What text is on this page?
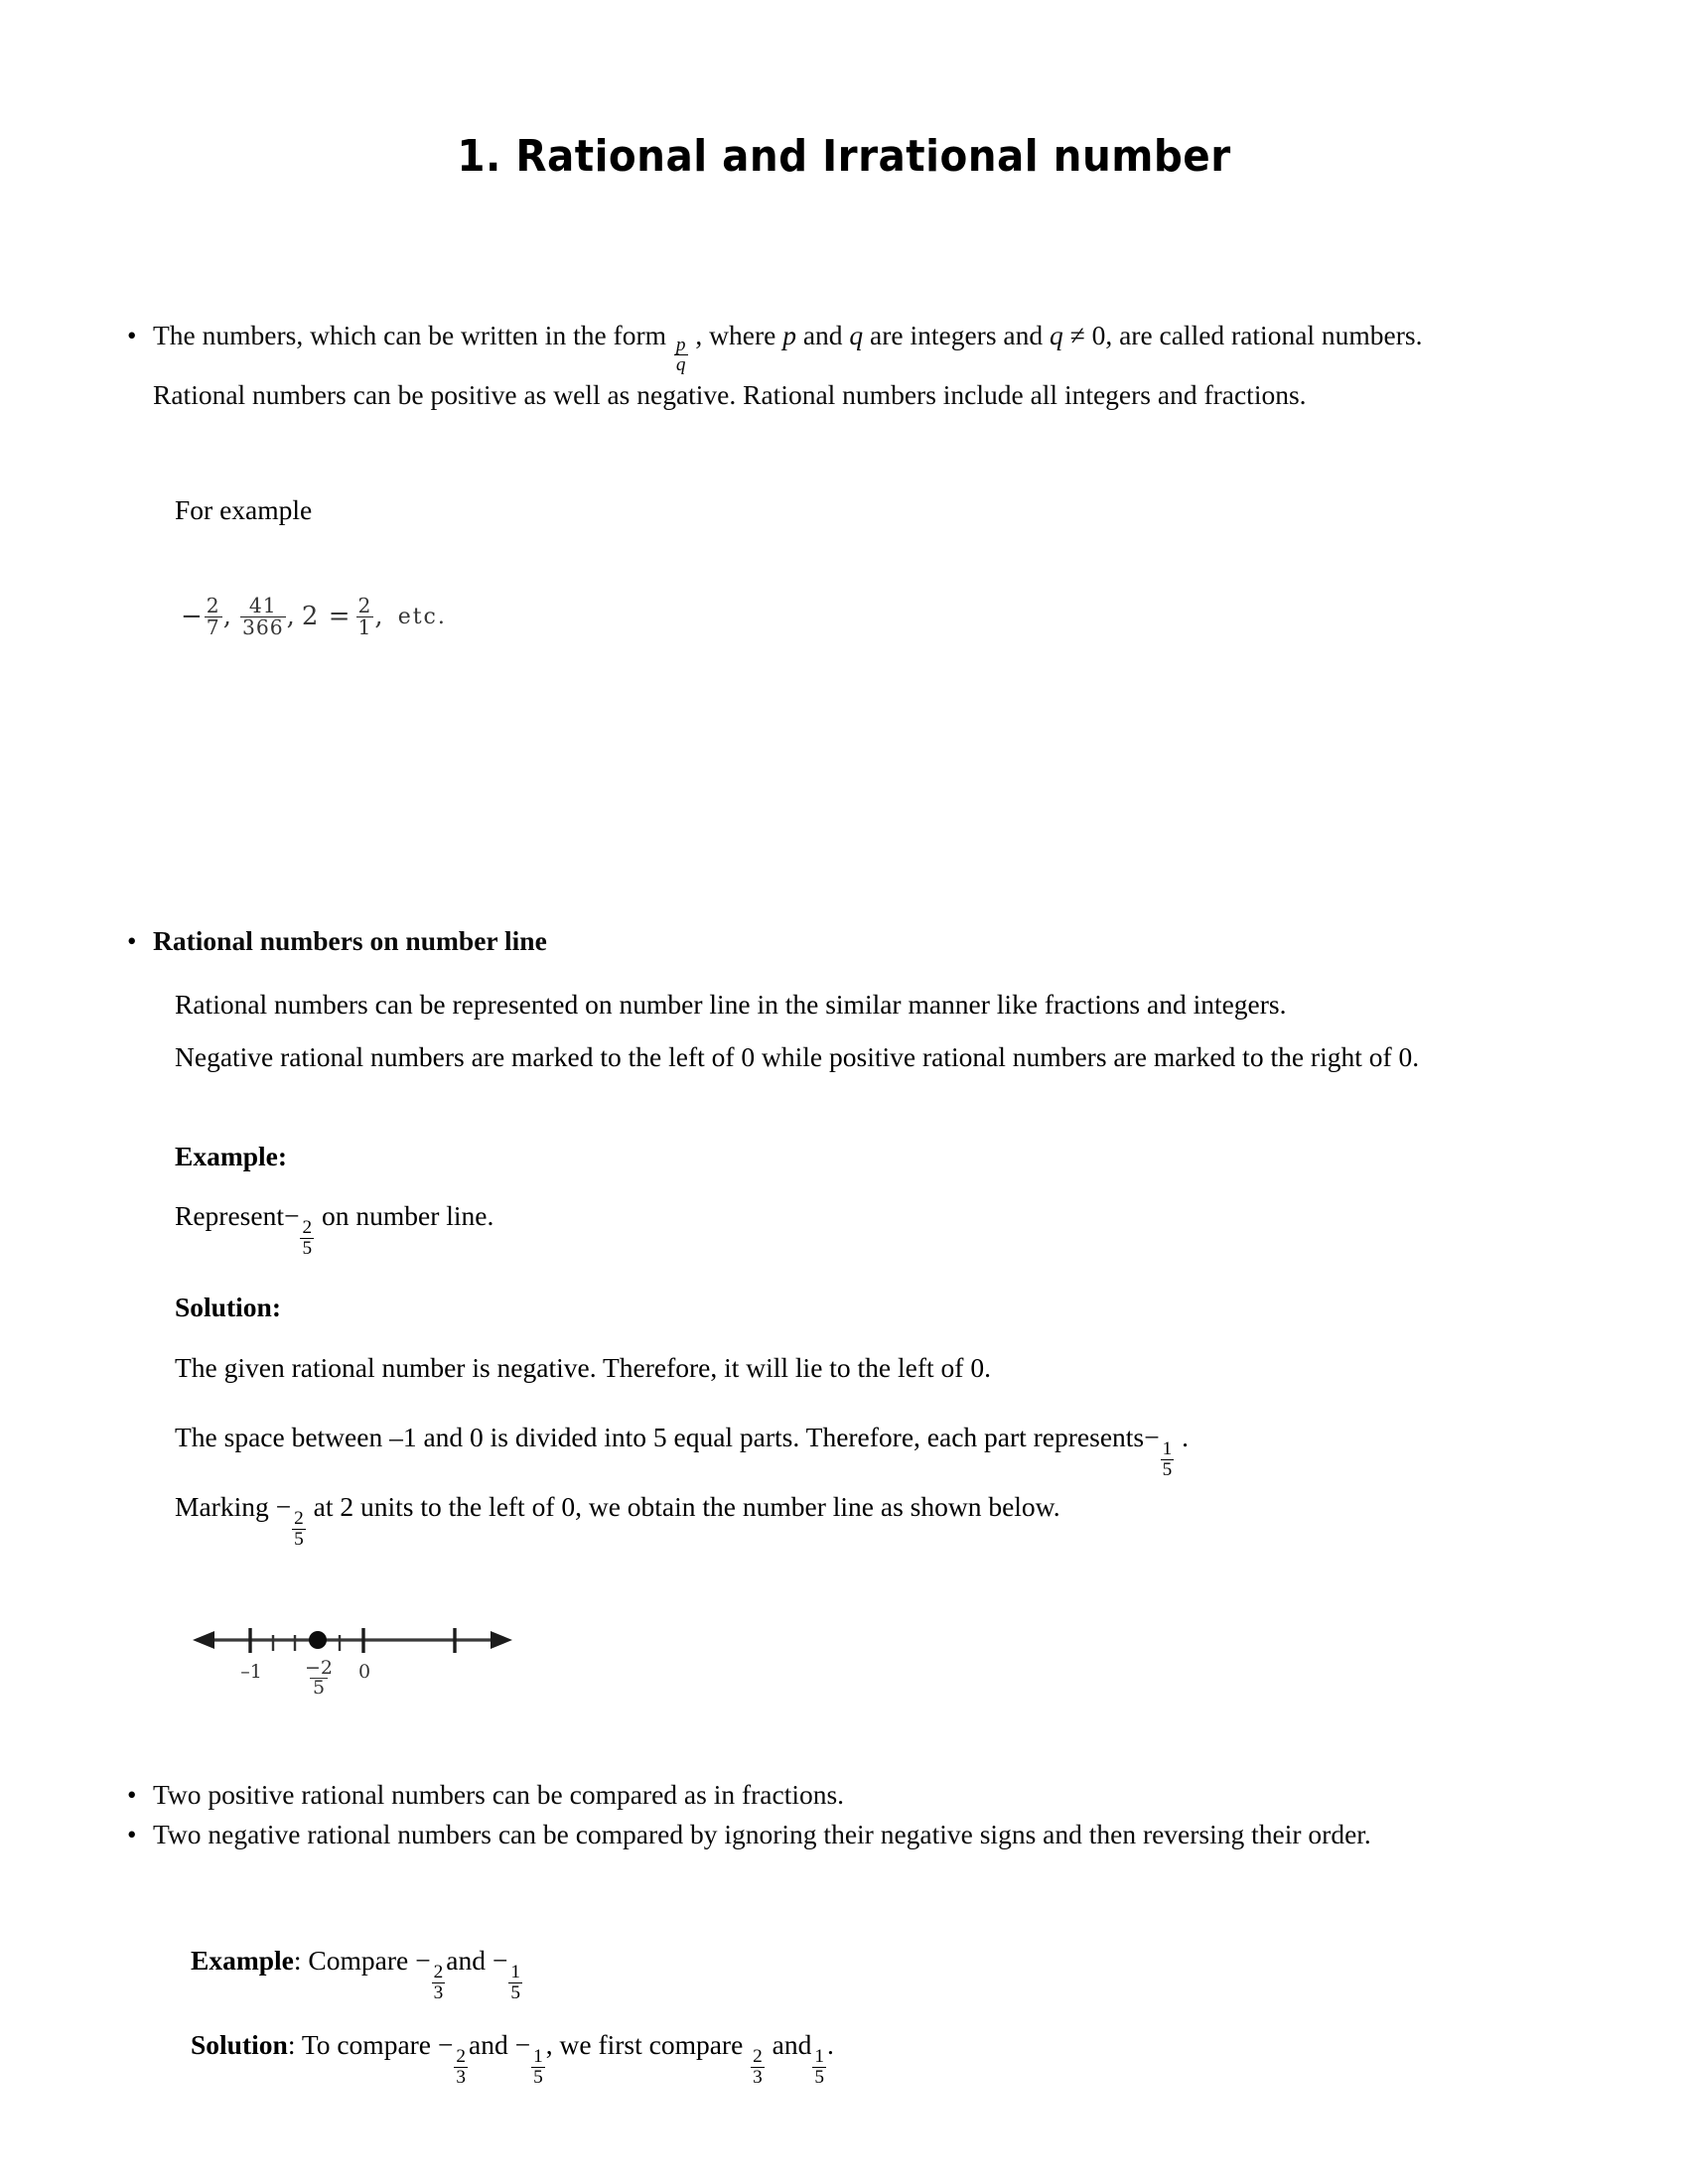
1. Rational and Irrational number
•
The numbers, which can be written in the form
$\frac{p}{q}$
, where p and q are integers and q ≠ 0, are called rational numbers. Rational numbers can be positive as well as negative. Rational numbers include all integers and fractions.
For example
− $\frac{2}{7}$ , $\frac{41}{366}$ , $2 = \frac{2}{1}$ , etc.
•
Rational numbers on number line
Rational numbers can be represented on number line in the similar manner like fractions and integers.
Negative rational numbers are marked to the left of 0 while positive rational numbers are marked to the right of 0.
Example:
Represent−
$\frac{2}{5}$
on number line.
Solution:
The given rational number is negative. Therefore, it will lie to the left of 0.
The space between –1 and 0 is divided into 5 equal parts. Therefore, each part represents−
$\frac{1}{5}$
.
Marking −
$\frac{2}{5}$
at 2 units to the left of 0, we obtain the number line as shown below.
$-1 \frac{-2}{5}$	0
•
Two positive rational numbers can be compared as in fractions.
•
Two negative rational numbers can be compared by ignoring their negative signs and then reversing their order.
Example: Compare −
$\frac{2}{3}$
and −
$\frac{1}{5}$
Solution: To compare −
$\frac{2}{3}$
and −
$\frac{1}{5}$
, we first compare
$\frac{2}{3}$
and
$\frac{1}{5}$
.
